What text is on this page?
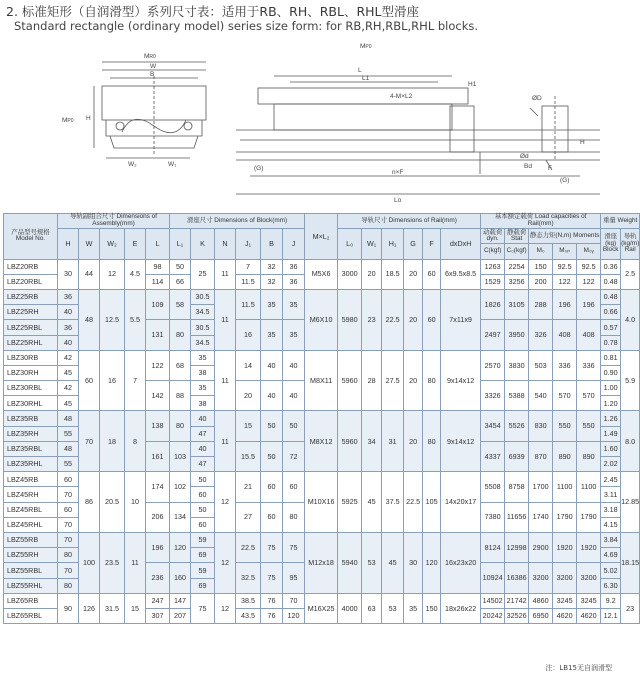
2. 标准矩形（自润滑型）系列尺寸表：适用于RB、RH、RBL、RHL型滑座
Standard rectangle (ordinary model) series size form: for RB,RH,RBL,RHL blocks.
MR0
W
B
MP0
W₂	W₁
H
MP0
L
L1
4-M×L2
H1
ØD
H
Ød
Bd
(G)	F
(G)
n×F
Lo
产品型号规格 Model No.	导轨副组合尺寸 Dimensions of Assembly(mm)					滑座尺寸 Dimensions of Block(mm)						M×L₂	导轨尺寸 Dimensions of Rail(mm)						基本额定载荷 Load capacities of Rail(mm)					重量 Weight	
	H	W	W₂	E	L	L₁	K	N	J₁	B	J		L₀	W₁	H₁	G	F	dxDxH	动载荷 dyn.	静载荷 Stat	静态力矩(N,m) Moments			滑座 (kg) Block	导轨 (kg/m) Rail
																			C(kgf)	C₀(kgf)	M₀	M₀ₚ	M₀ᵧ		
LBZ20RB	30	44	12	4.5	98	50	25	11	7	32	36	M5X6	3000	20	18.5	20	60	6x9.5x8.5	1263	2254	150	92.5	92.5	0.36	2.5
LBZ20RBL					114	66			11.5	32	36								1529	3256	200	122	122	0.48	
LBZ25RB	36	48	12.5	5.5	109	58	30.5	11	11.5	35	35	M6X10	5980	23	22.5	20	60	7x11x9	1826	3105	288	196	196	0.48	4.0
LBZ25RH	40						34.5																	0.66	
LBZ25RBL	36				131	80	30.5		16	35	35								2497	3950	326	408	408	0.57	
LBZ25RHL	40						34.5																	0.78	
LBZ30RB	42	60	16	7	122	68	35	11	14	40	40	M8X11	5960	28	27.5	20	80	9x14x12	2570	3830	503	336	336	0.81	5.9
LBZ30RH	45						38																	0.90	
LBZ30RBL	42				142	88	35		20	40	40								3326	5388	540	570	570	1.00	
LBZ30RHL	45						38																	1.20	
LBZ35RB	48	70	18	8	138	80	40	11	15	50	50	M8X12	5960	34	31	20	80	9x14x12	3454	5526	830	550	550	1.26	8.0
LBZ35RH	55						47																	1.49	
LBZ35RBL	48				161	103	40		15.5	50	72								4337	6939	870	890	890	1.60	
LBZ35RHL	55						47																	2.02	
LBZ45RB	60	86	20.5	10	174	102	50	12	21	60	60	M10X16	5925	45	37.5	22.5	105	14x20x17	5508	8758	1700	1100	1100	2.45	12.85
LBZ45RH	70						60																	3.11	
LBZ45RBL	60				206	134	50		27	60	80								7380	11656	1740	1790	1790	3.18	
LBZ45RHL	70						60																	4.15	
LBZ55RB	70	100	23.5	11	196	120	59	12	22.5	75	75	M12x18	5940	53	45	30	120	16x23x20	8124	12998	2900	1920	1920	3.84	18.15
LBZ55RH	80						69																	4.69	
LBZ55RBL	70				236	160	59		32.5	75	95								10924	16386	3200	3200	3200	5.02	
LBZ55RHL	80						69																	6.30	
LBZ65RB	90	126	31.5	15	247	147	75	12	38.5	76	70	M16X25	4000	63	53	35	150	18x26x22	14502	21742	4860	3245	3245	9.2	23
LBZ65RBL					307	207			43.5	76	120								20242	32526	6950	4620	4620	12.1	
注：LB15无自润滑型
